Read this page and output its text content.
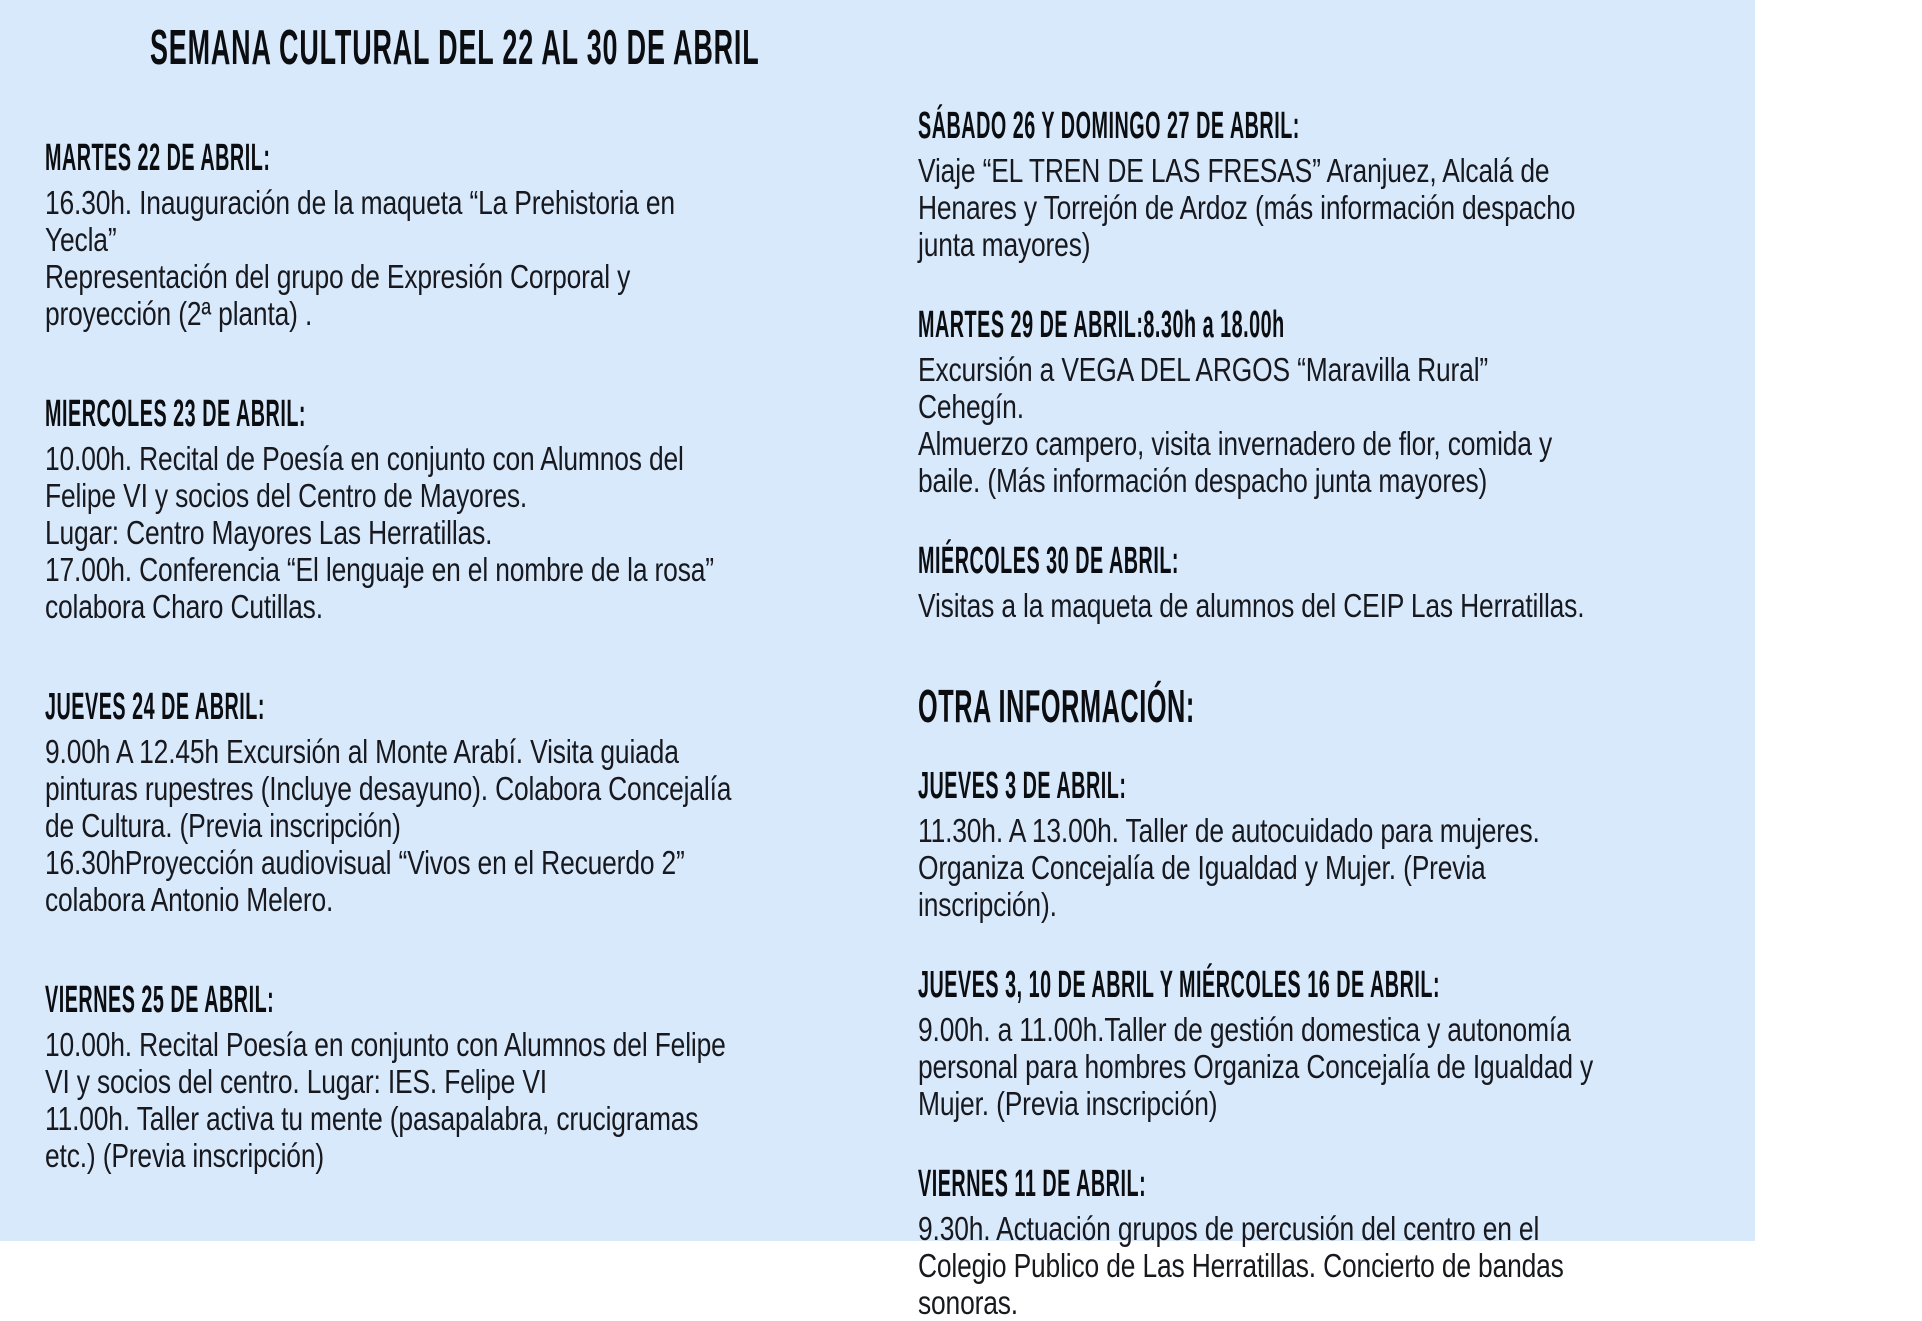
SEMANA CULTURAL DEL 22 AL 30 DE ABRIL
MARTES 22 DE ABRIL:
16.30h. Inauguración de la maqueta “La Prehistoria en
Yecla”
Representación del grupo de Expresión Corporal y
proyección (2ª planta) .
MIERCOLES 23 DE ABRIL:
10.00h. Recital de Poesía en conjunto con Alumnos del
Felipe VI y socios del Centro de Mayores.
Lugar: Centro Mayores Las Herratillas.
17.00h. Conferencia “El lenguaje en el nombre de la rosa”
colabora Charo Cutillas.
JUEVES 24 DE ABRIL:
9.00h A 12.45h Excursión al Monte Arabí. Visita guiada
pinturas rupestres (Incluye desayuno). Colabora Concejalía
de Cultura. (Previa inscripción)
16.30hProyección audiovisual “Vivos en el Recuerdo 2”
colabora Antonio Melero.
VIERNES 25 DE ABRIL:
10.00h. Recital Poesía en conjunto con Alumnos del Felipe
VI y socios del centro. Lugar: IES. Felipe VI
11.00h. Taller activa tu mente (pasapalabra, crucigramas
etc.) (Previa inscripción)
SÁBADO 26 Y DOMINGO 27 DE ABRIL:
Viaje “EL TREN DE LAS FRESAS” Aranjuez, Alcalá de
Henares y Torrejón de Ardoz (más información despacho
junta mayores)
MARTES 29 DE ABRIL:8.30h a 18.00h
Excursión a VEGA DEL ARGOS “Maravilla Rural”
Cehegín.
Almuerzo campero, visita invernadero de flor, comida y
baile. (Más información despacho junta mayores)
MIÉRCOLES 30 DE ABRIL:
Visitas a la maqueta de alumnos del CEIP Las Herratillas.
OTRA INFORMACIÓN:
JUEVES 3 DE ABRIL:
11.30h. A 13.00h. Taller de autocuidado para mujeres.
Organiza Concejalía de Igualdad y Mujer. (Previa
inscripción).
JUEVES 3, 10 DE ABRIL Y MIÉRCOLES 16 DE ABRIL:
9.00h. a 11.00h.Taller de gestión domestica y autonomía
personal para hombres Organiza Concejalía de Igualdad y
Mujer. (Previa inscripción)
VIERNES 11 DE ABRIL:
9.30h. Actuación grupos de percusión del centro en el
Colegio Publico de Las Herratillas. Concierto de bandas
sonoras.
